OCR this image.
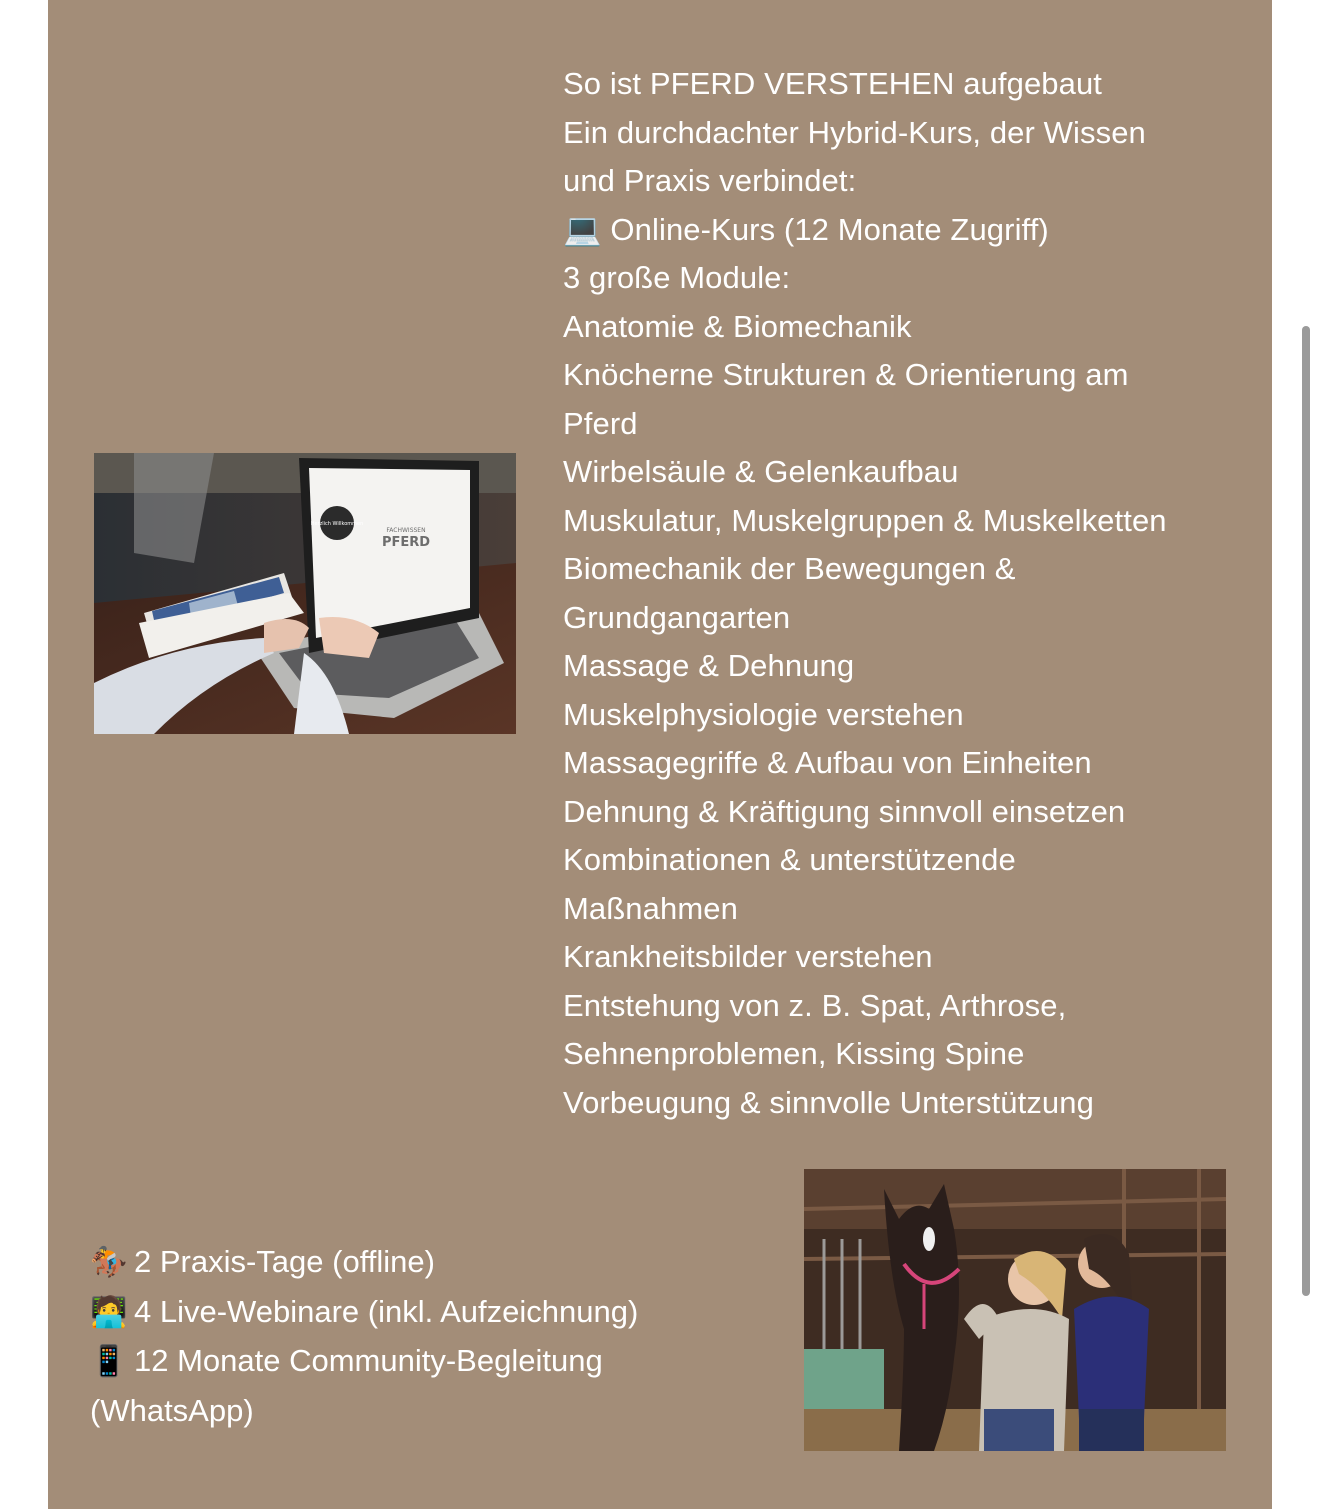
So ist PFERD VERSTEHEN aufgebaut
Ein durchdachter Hybrid-Kurs, der Wissen
und Praxis verbindet:
💻 Online-Kurs (12 Monate Zugriff)
3 große Module:
Anatomie & Biomechanik
Knöcherne Strukturen & Orientierung am
Pferd
Wirbelsäule & Gelenkaufbau
Muskulatur, Muskelgruppen & Muskelketten
Biomechanik der Bewegungen &
Grundgangarten
Massage & Dehnung
Muskelphysiologie verstehen
Massagegriffe & Aufbau von Einheiten
Dehnung & Kräftigung sinnvoll einsetzen
Kombinationen & unterstützende
Maßnahmen
Krankheitsbilder verstehen
Entstehung von z. B. Spat, Arthrose,
Sehnenproblemen, Kissing Spine
Vorbeugung & sinnvolle Unterstützung
Herzlich Willkommen
FACHWISSEN
PFERD
🏇 2 Praxis-Tage (offline)
🧑‍💻 4 Live-Webinare (inkl. Aufzeichnung)
📱 12 Monate Community-Begleitung
(WhatsApp)
